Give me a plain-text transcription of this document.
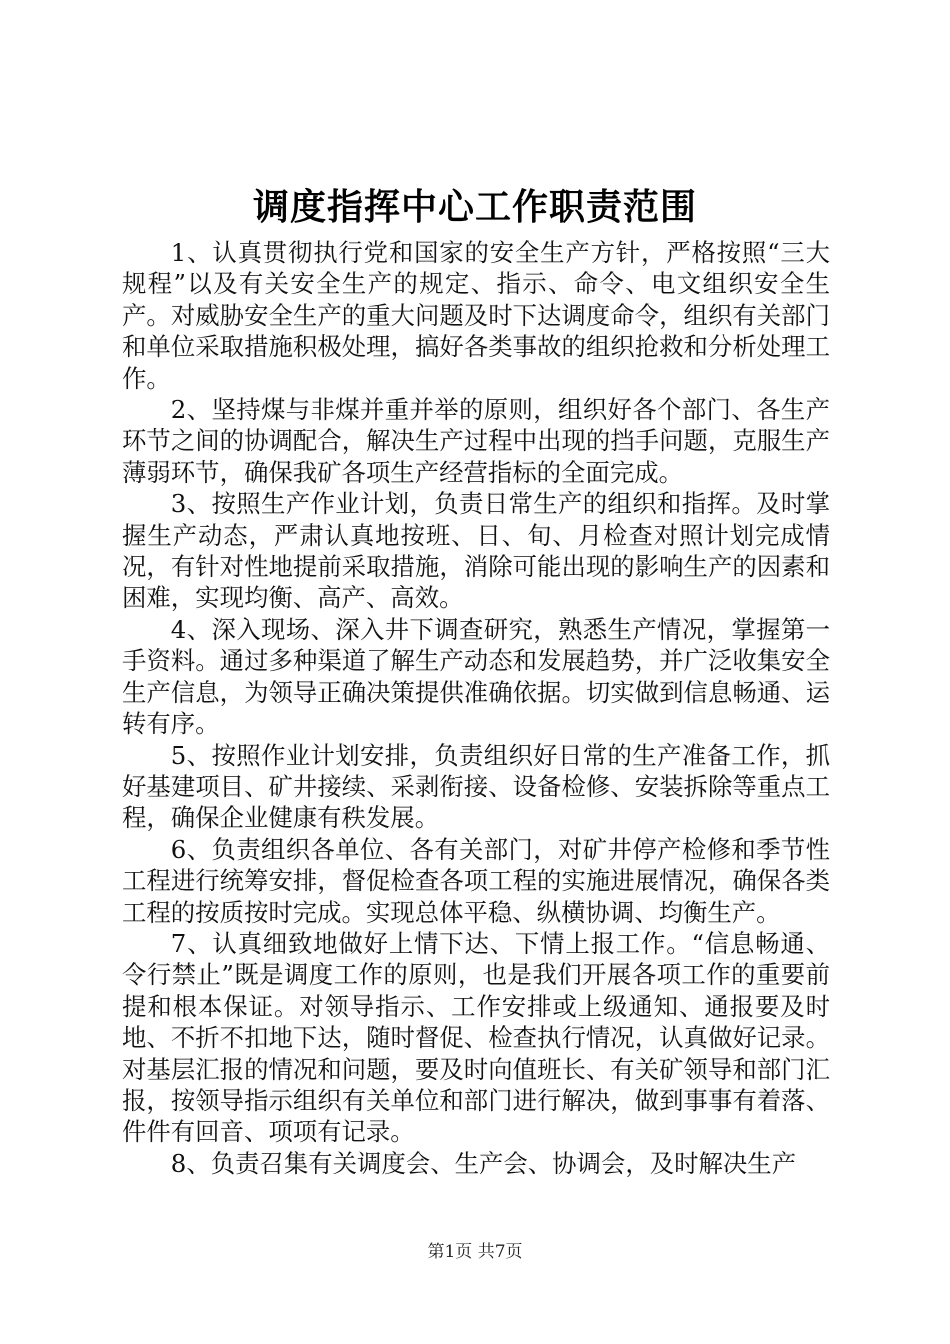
调度指挥中心工作职责范围

1、认真贯彻执行党和国家的安全生产方针，严格按照“三大规程”以及有关安全生产的规定、指示、命令、电文组织安全生产。对威胁安全生产的重大问题及时下达调度命令，组织有关部门和单位采取措施积极处理，搞好各类事故的组织抢救和分析处理工作。

2、坚持煤与非煤并重并举的原则，组织好各个部门、各生产环节之间的协调配合，解决生产过程中出现的挡手问题，克服生产薄弱环节，确保我矿各项生产经营指标的全面完成。

3、按照生产作业计划，负责日常生产的组织和指挥。及时掌握生产动态，严肃认真地按班、日、旬、月检查对照计划完成情况，有针对性地提前采取措施，消除可能出现的影响生产的因素和困难，实现均衡、高产、高效。

4、深入现场、深入井下调查研究，熟悉生产情况，掌握第一手资料。通过多种渠道了解生产动态和发展趋势，并广泛收集安全生产信息，为领导正确决策提供准确依据。切实做到信息畅通、运转有序。

5、按照作业计划安排，负责组织好日常的生产准备工作，抓好基建项目、矿井接续、采剥衔接、设备检修、安装拆除等重点工程，确保企业健康有秩发展。

6、负责组织各单位、各有关部门，对矿井停产检修和季节性工程进行统筹安排，督促检查各项工程的实施进展情况，确保各类工程的按质按时完成。实现总体平稳、纵横协调、均衡生产。

7、认真细致地做好上情下达、下情上报工作。“信息畅通、令行禁止”既是调度工作的原则，也是我们开展各项工作的重要前提和根本保证。对领导指示、工作安排或上级通知、通报要及时地、不折不扣地下达，随时督促、检查执行情况，认真做好记录。对基层汇报的情况和问题，要及时向值班长、有关矿领导和部门汇报，按领导指示组织有关单位和部门进行解决，做到事事有着落、件件有回音、项项有记录。

8、负责召集有关调度会、生产会、协调会，及时解决生产

第1页 共7页
